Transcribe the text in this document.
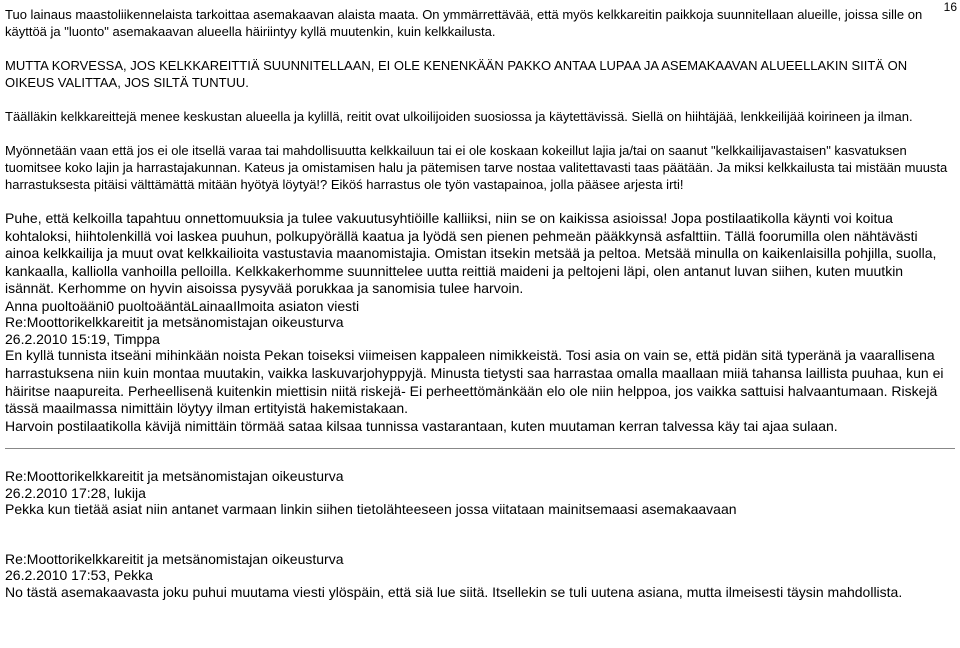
16

Tuo lainaus maastoliikennelaista tarkoittaa asemakaavan alaista maata. On ymmärrettävää, että myös kelkkareitin paikkoja suunnitellaan alueille, joissa sille on käyttöä ja "luonto" asemakaavan alueella häiriintyy kyllä muutenkin, kuin kelkkailusta.

MUTTA KORVESSA, JOS KELKKAREITTIÄ SUUNNITELLAAN, EI OLE KENENKÄÄN PAKKO ANTAA LUPAA JA ASEMAKAAVAN ALUEELLAKIN SIITÄ ON OIKEUS VALITTAA, JOS SILTÄ TUNTUU.

Täälläkin kelkkareittejä menee keskustan alueella ja kylillä, reitit ovat ulkoilijoiden suosiossa ja käytettävissä. Siellä on hiihtäjää, lenkkeilijää koirineen ja ilman.

Myönnetään vaan että jos ei ole itsellä varaa tai mahdollisuutta kelkkailuun tai ei ole koskaan kokeillut lajia ja/tai on saanut "kelkkailijavastaisen" kasvatuksen tuomitsee koko lajin ja harrastajakunnan. Kateus ja omistamisen halu ja pätemisen tarve nostaa valitettavasti taas päätään. Ja miksi kelkkailusta tai mistään muusta harrastuksesta pitäisi välttämättä mitään hyötyä löytyä!? Eiköś harrastus ole työn vastapainoa, jolla pääsee arjesta irti!

Puhe, että kelkoilla tapahtuu onnettomuuksia ja tulee vakuutusyhtiöille kalliiksi, niin se on kaikissa asioissa! Jopa postilaatikolla käynti voi koitua kohtaloksi, hiihtolenkillä voi laskea puuhun, polkupyörällä kaatua ja lyödä sen pienen pehmeän pääkkynsä asfalttiin. Tällä foorumilla olen nähtävästi ainoa kelkkailija ja muut ovat kelkkailioita vastustavia maanomistajia. Omistan itsekin metsää ja peltoa. Metsää minulla on kaikenlaisilla pohjilla, suolla, kankaalla, kalliolla vanhoilla pelloilla. Kelkkakerhomme suunnittelee uutta reittiä maideni ja peltojeni läpi, olen antanut luvan siihen, kuten muutkin isännät. Kerhomme on hyvin aisoissa pysyvää porukkaa ja sanomisia tulee harvoin.

Anna puoltoääni0 puoltoääntäLainaaIlmoita asiaton viesti

Re:Moottorikelkkareitit ja metsänomistajan oikeusturva

26.2.2010 15:19, Timppa

En kyllä tunnista itseäni mihinkään noista Pekan toiseksi viimeisen kappaleen nimikkeistä. Tosi asia on vain se, että pidän sitä typeränä ja vaarallisena harrastuksena niin kuin montaa muutakin, vaikka laskuvarjohyppyjä. Minusta tietysti saa harrastaa omalla maallaan miiä tahansa laillista puuhaa, kun ei häiritse naapureita. Perheellisenä kuitenkin miettisin niitä riskejä- Ei perheettömänkään elo ole niin helppoa, jos vaikka sattuisi halvaantumaan. Riskejä tässä maailmassa nimittäin löytyy ilman ertityistä hakemistakaan.

Harvoin postilaatikolla kävijä nimittäin törmää sataa kilsaa tunnissa vastarantaan, kuten muutaman kerran talvessa käy tai ajaa sulaan.

Re:Moottorikelkkareitit ja metsänomistajan oikeusturva

26.2.2010 17:28, lukija

Pekka kun tietää asiat niin antanet varmaan linkin siihen tietolähteeseen jossa viitataan mainitsemaasi asemakaavaan

Re:Moottorikelkkareitit ja metsänomistajan oikeusturva

26.2.2010 17:53, Pekka

No tästä asemakaavasta joku puhui muutama viesti ylöspäin, että siä lue siitä. Itsellekin se tuli uutena asiana, mutta ilmeisesti täysin mahdollista.
